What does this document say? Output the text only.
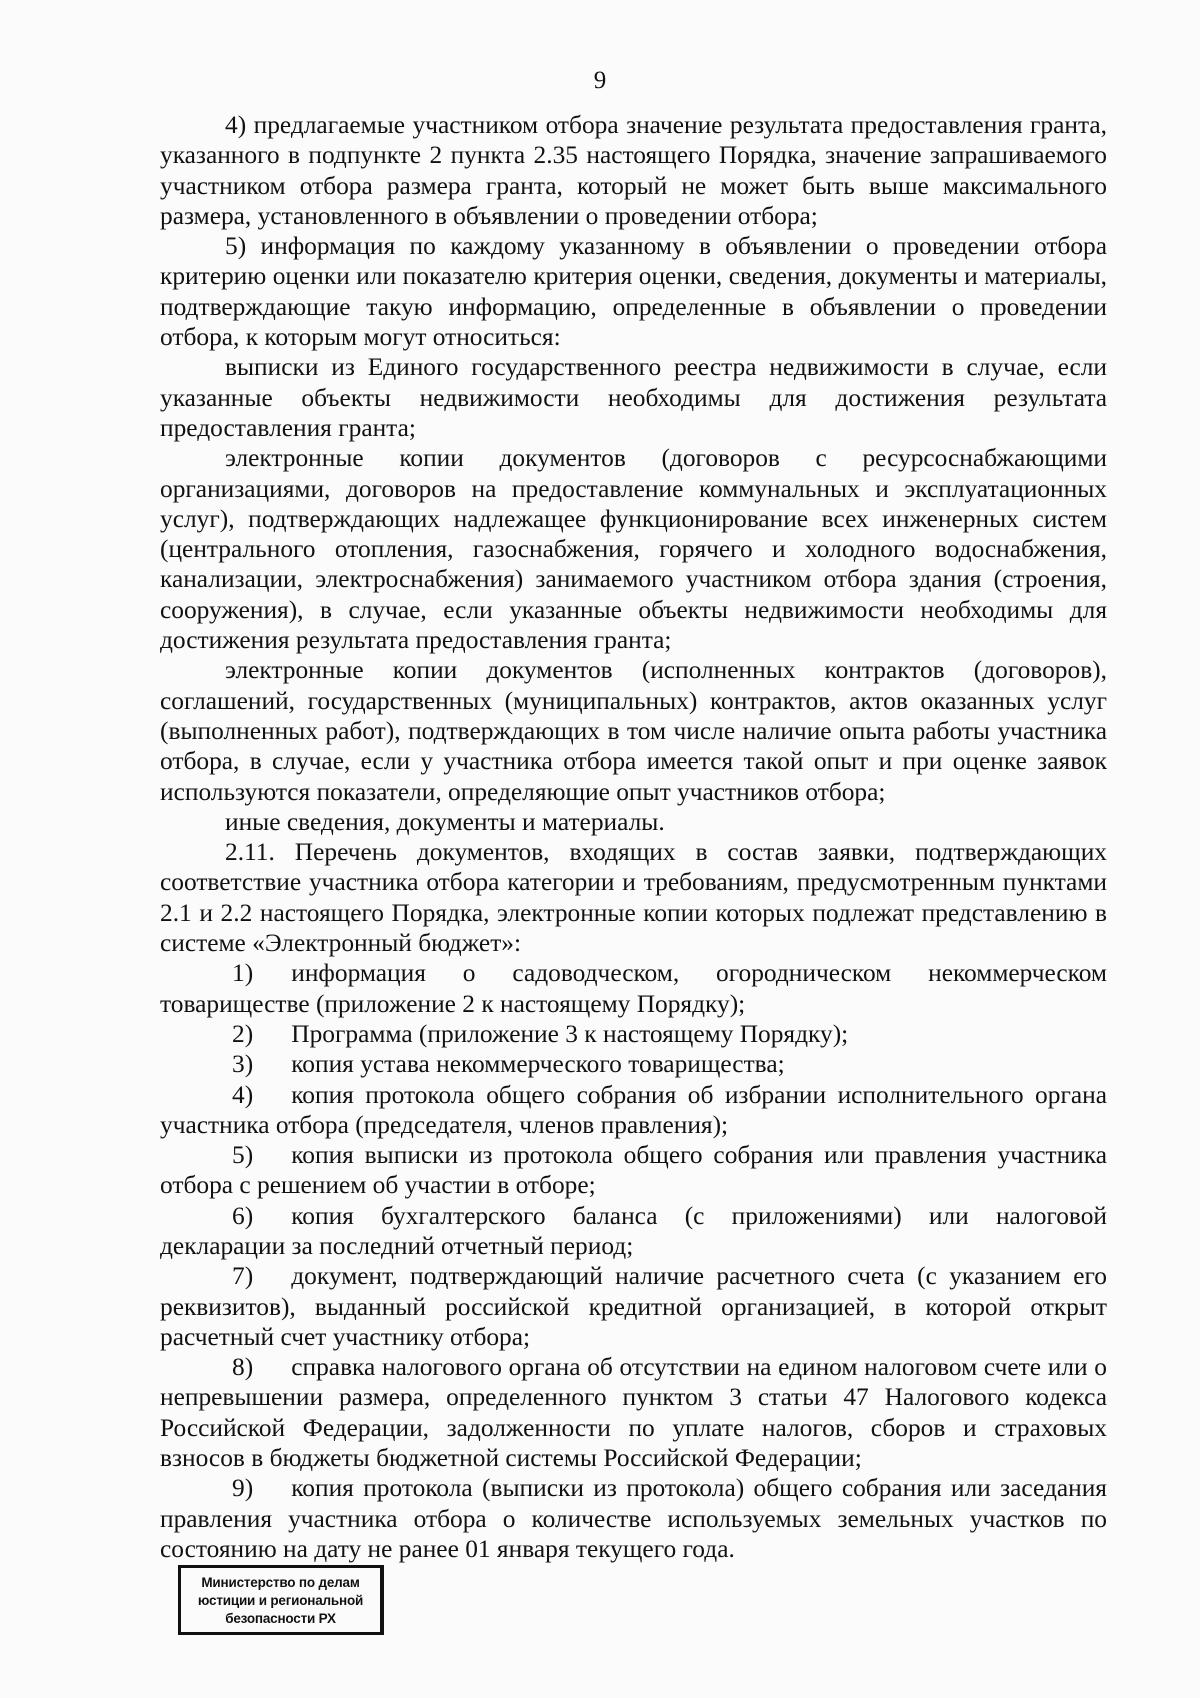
9

4) предлагаемые участником отбора значение результата предоставления гранта, указанного в подпункте 2 пункта 2.35 настоящего Порядка, значение запрашиваемого участником отбора размера гранта, который не может быть выше максимального размера, установленного в объявлении о проведении отбора;

5) информация по каждому указанному в объявлении о проведении отбора критерию оценки или показателю критерия оценки, сведения, документы и материалы, подтверждающие такую информацию, определенные в объявлении о проведении отбора, к которым могут относиться:

выписки из Единого государственного реестра недвижимости в случае, если указанные объекты недвижимости необходимы для достижения результата предоставления гранта;

электронные копии документов (договоров с ресурсоснабжающими организациями, договоров на предоставление коммунальных и эксплуатационных услуг), подтверждающих надлежащее функционирование всех инженерных систем (центрального отопления, газоснабжения, горячего и холодного водоснабжения, канализации, электроснабжения) занимаемого участником отбора здания (строения, сооружения), в случае, если указанные объекты недвижимости необходимы для достижения результата предоставления гранта;

электронные копии документов (исполненных контрактов (договоров), соглашений, государственных (муниципальных) контрактов, актов оказанных услуг (выполненных работ), подтверждающих в том числе наличие опыта работы участника отбора, в случае, если у участника отбора имеется такой опыт и при оценке заявок используются показатели, определяющие опыт участников отбора;

иные сведения, документы и материалы.

2.11. Перечень документов, входящих в состав заявки, подтверждающих соответствие участника отбора категории и требованиям, предусмотренным пунктами 2.1 и 2.2 настоящего Порядка, электронные копии которых подлежат представлению в системе «Электронный бюджет»:

1)   информация о садоводческом, огородническом некоммерческом товариществе (приложение 2 к настоящему Порядку);

2)   Программа (приложение 3 к настоящему Порядку);

3)   копия устава некоммерческого товарищества;

4)   копия протокола общего собрания об избрании исполнительного органа участника отбора (председателя, членов правления);

5)   копия выписки из протокола общего собрания или правления участника отбора с решением об участии в отборе;

6)   копия бухгалтерского баланса (с приложениями) или налоговой декларации за последний отчетный период;

7)   документ, подтверждающий наличие расчетного счета (с указанием его реквизитов), выданный российской кредитной организацией, в которой открыт расчетный счет участнику отбора;

8)   справка налогового органа об отсутствии на едином налоговом счете или о непревышении размера, определенного пунктом 3 статьи 47 Налогового кодекса Российской Федерации, задолженности по уплате налогов, сборов и страховых взносов в бюджеты бюджетной системы Российской Федерации;

9)   копия протокола (выписки из протокола) общего собрания или заседания правления участника отбора о количестве используемых земельных участков по состоянию на дату не ранее 01 января текущего года.

Министерство по делам
юстиции и региональной
безопасности РХ
